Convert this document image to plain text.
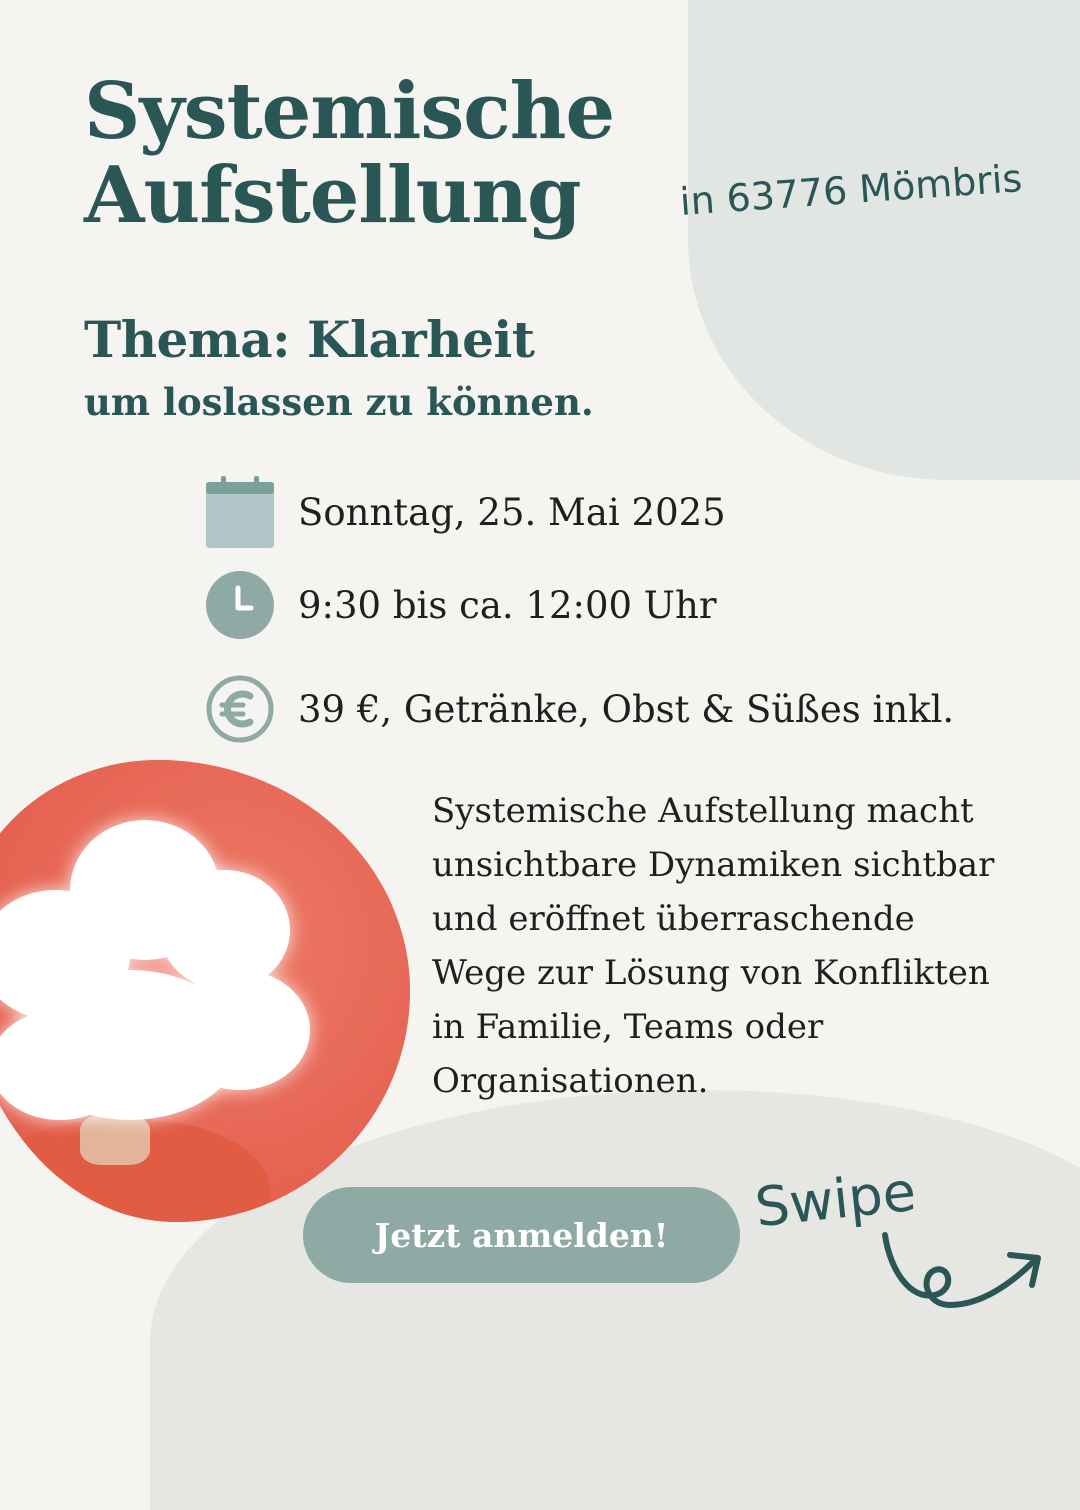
Systemische
Aufstellung	in 63776 Mömbris
Thema: Klarheit
um loslassen zu können.
Sonntag, 25. Mai 2025
9:30 bis ca. 12:00 Uhr
39 €, Getränke, Obst & Süßes inkl.

Systemische Aufstellung macht
unsichtbare Dynamiken sichtbar
und eröffnet überraschende
Wege zur Lösung von Konflikten
in Familie, Teams oder
Organisationen.

Jetzt anmelden!	Swipe
